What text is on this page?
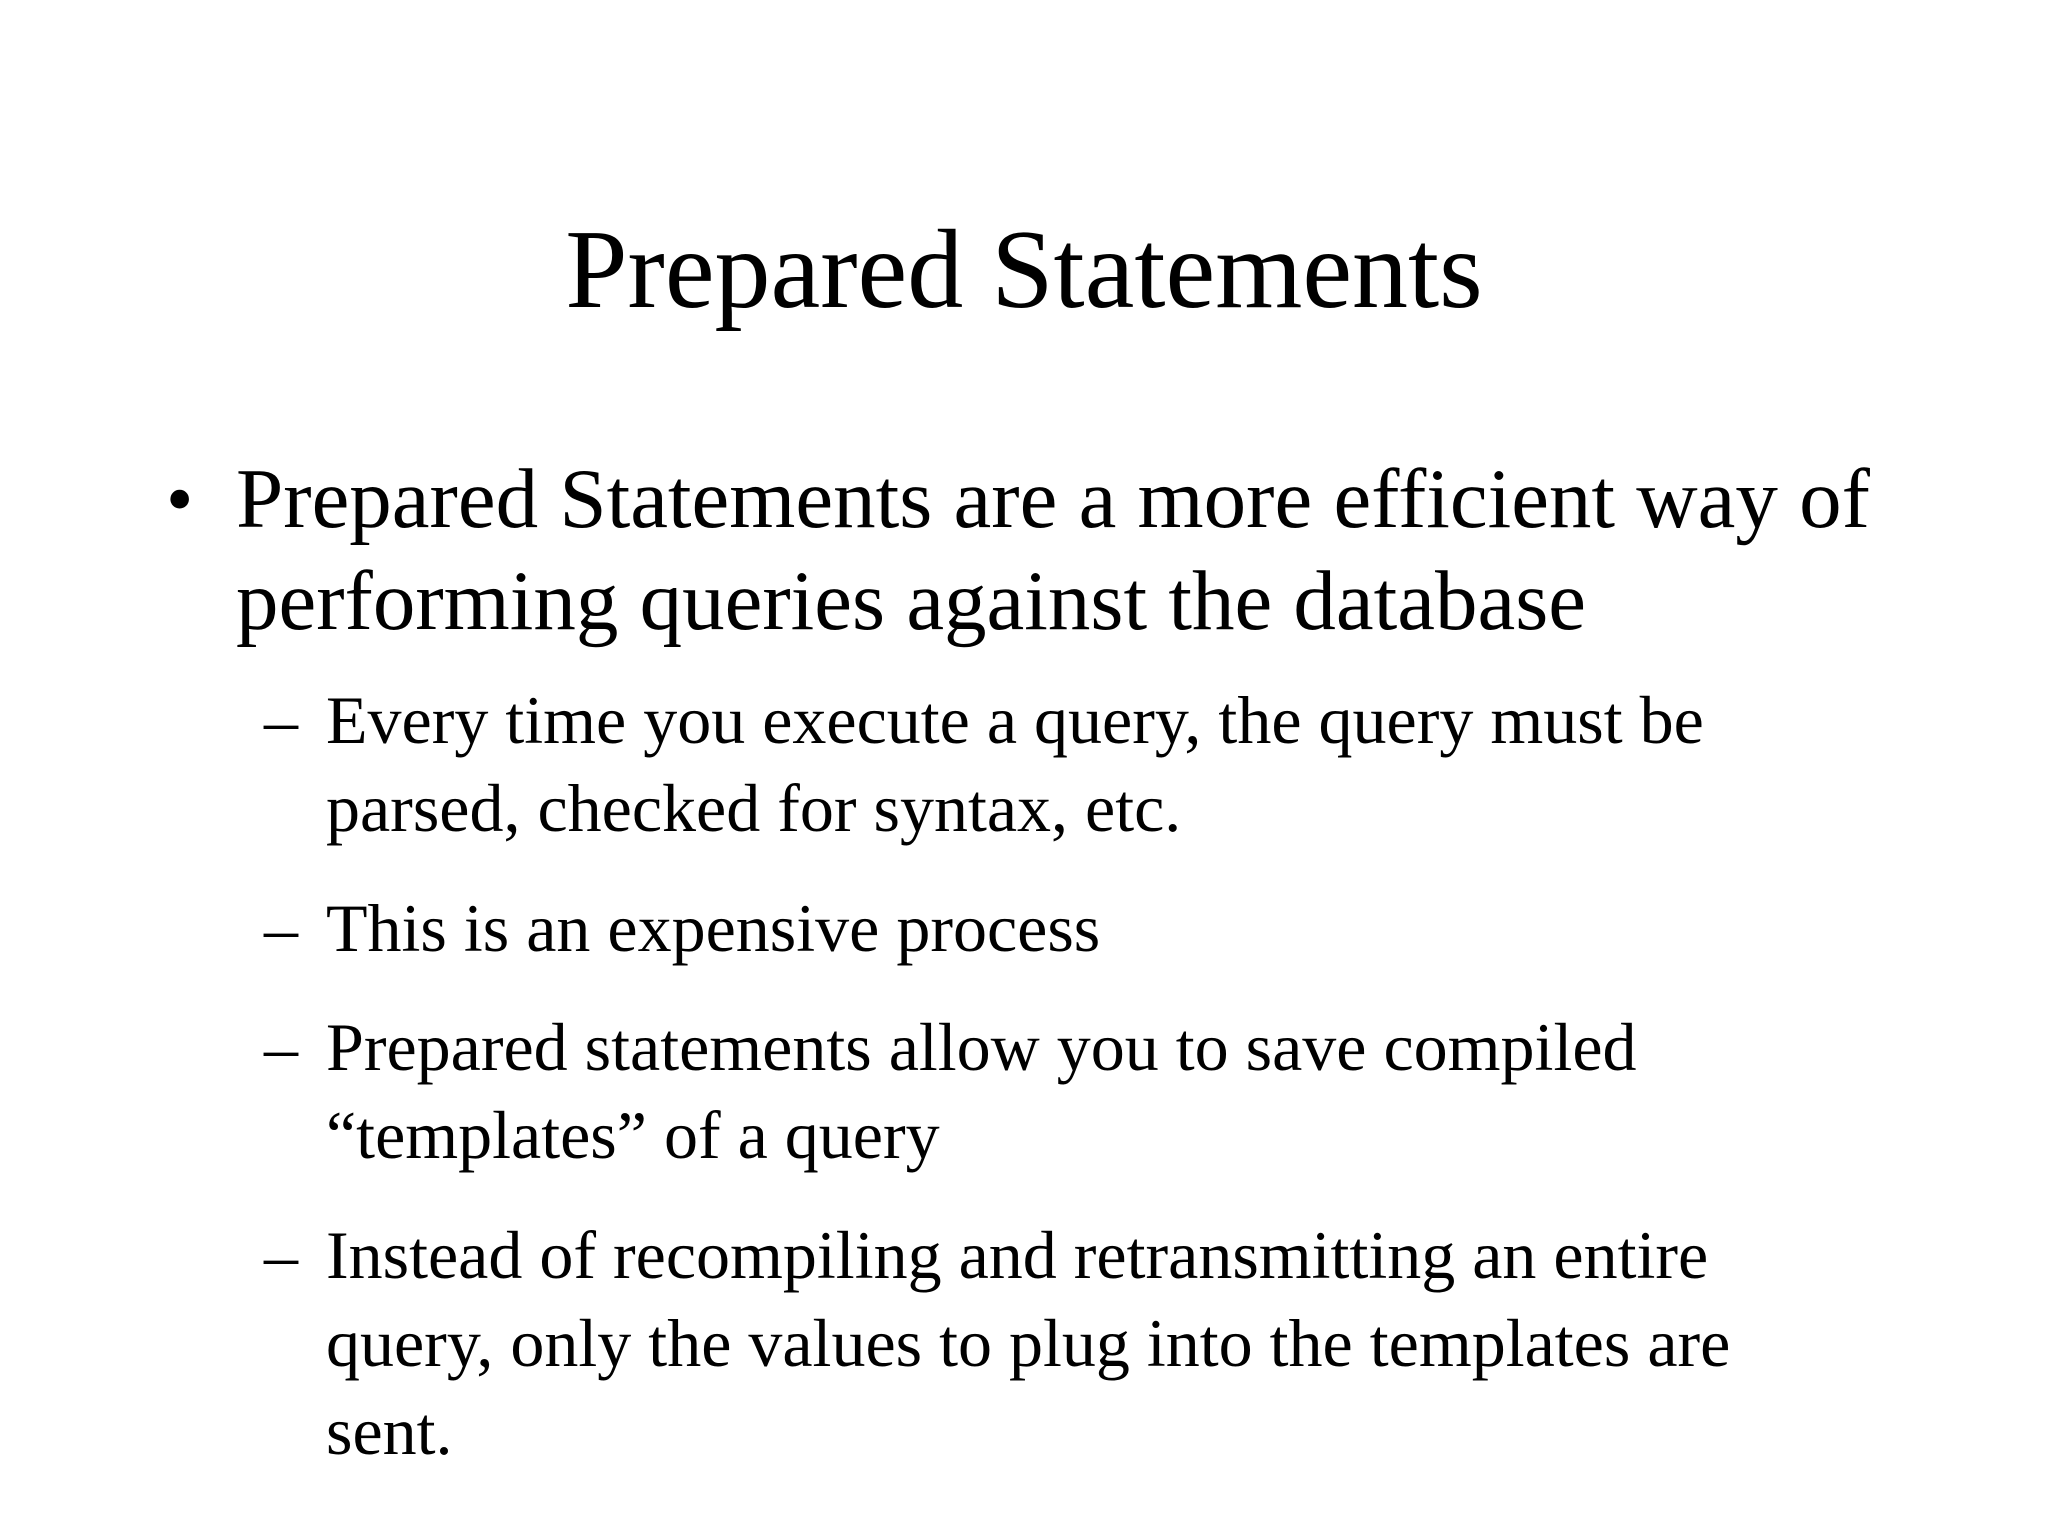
Prepared Statements
• Prepared Statements are a more efficient way of
performing queries against the database
– Every time you execute a query, the query must be
parsed, checked for syntax, etc.
– This is an expensive process
– Prepared statements allow you to save compiled
“templates” of a query
– Instead of recompiling and retransmitting an entire
query, only the values to plug into the templates are
sent.
